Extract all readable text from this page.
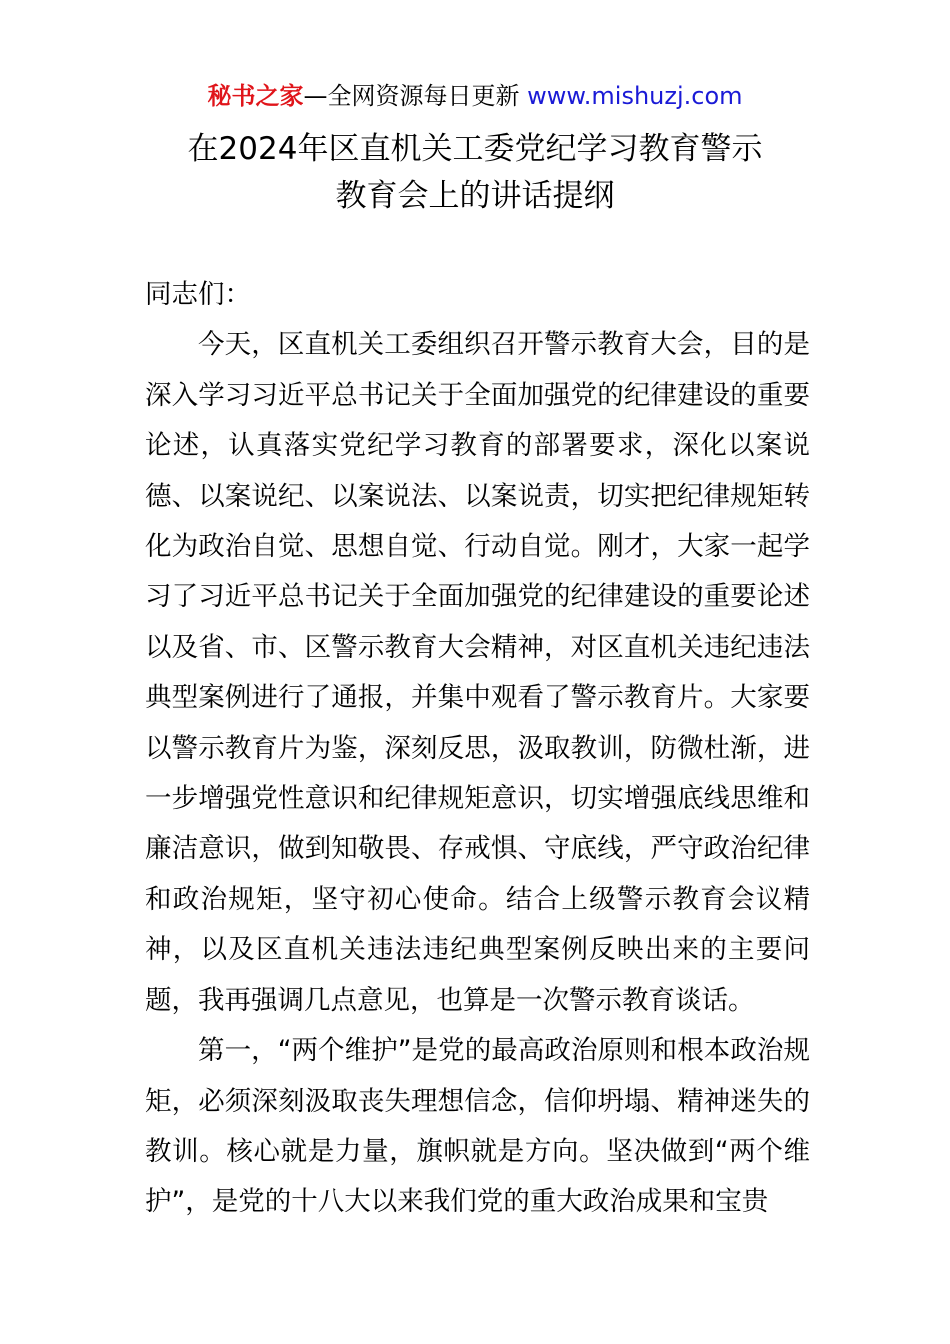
秘书之家—全网资源每日更新 www.mishuzj.com
在2024年区直机关工委党纪学习教育警示
教育会上的讲话提纲

同志们：

今天，区直机关工委组织召开警示教育大会，目的是深入学习习近平总书记关于全面加强党的纪律建设的重要论述，认真落实党纪学习教育的部署要求，深化以案说德、以案说纪、以案说法、以案说责，切实把纪律规矩转化为政治自觉、思想自觉、行动自觉。刚才，大家一起学习了习近平总书记关于全面加强党的纪律建设的重要论述以及省、市、区警示教育大会精神，对区直机关违纪违法典型案例进行了通报，并集中观看了警示教育片。大家要以警示教育片为鉴，深刻反思，汲取教训，防微杜渐，进一步增强党性意识和纪律规矩意识，切实增强底线思维和廉洁意识，做到知敬畏、存戒惧、守底线，严守政治纪律和政治规矩，坚守初心使命。结合上级警示教育会议精神，以及区直机关违法违纪典型案例反映出来的主要问题，我再强调几点意见，也算是一次警示教育谈话。

第一，“两个维护”是党的最高政治原则和根本政治规矩，必须深刻汲取丧失理想信念，信仰坍塌、精神迷失的教训。核心就是力量，旗帜就是方向。坚决做到“两个维护”，是党的十八大以来我们党的重大政治成果和宝贵
